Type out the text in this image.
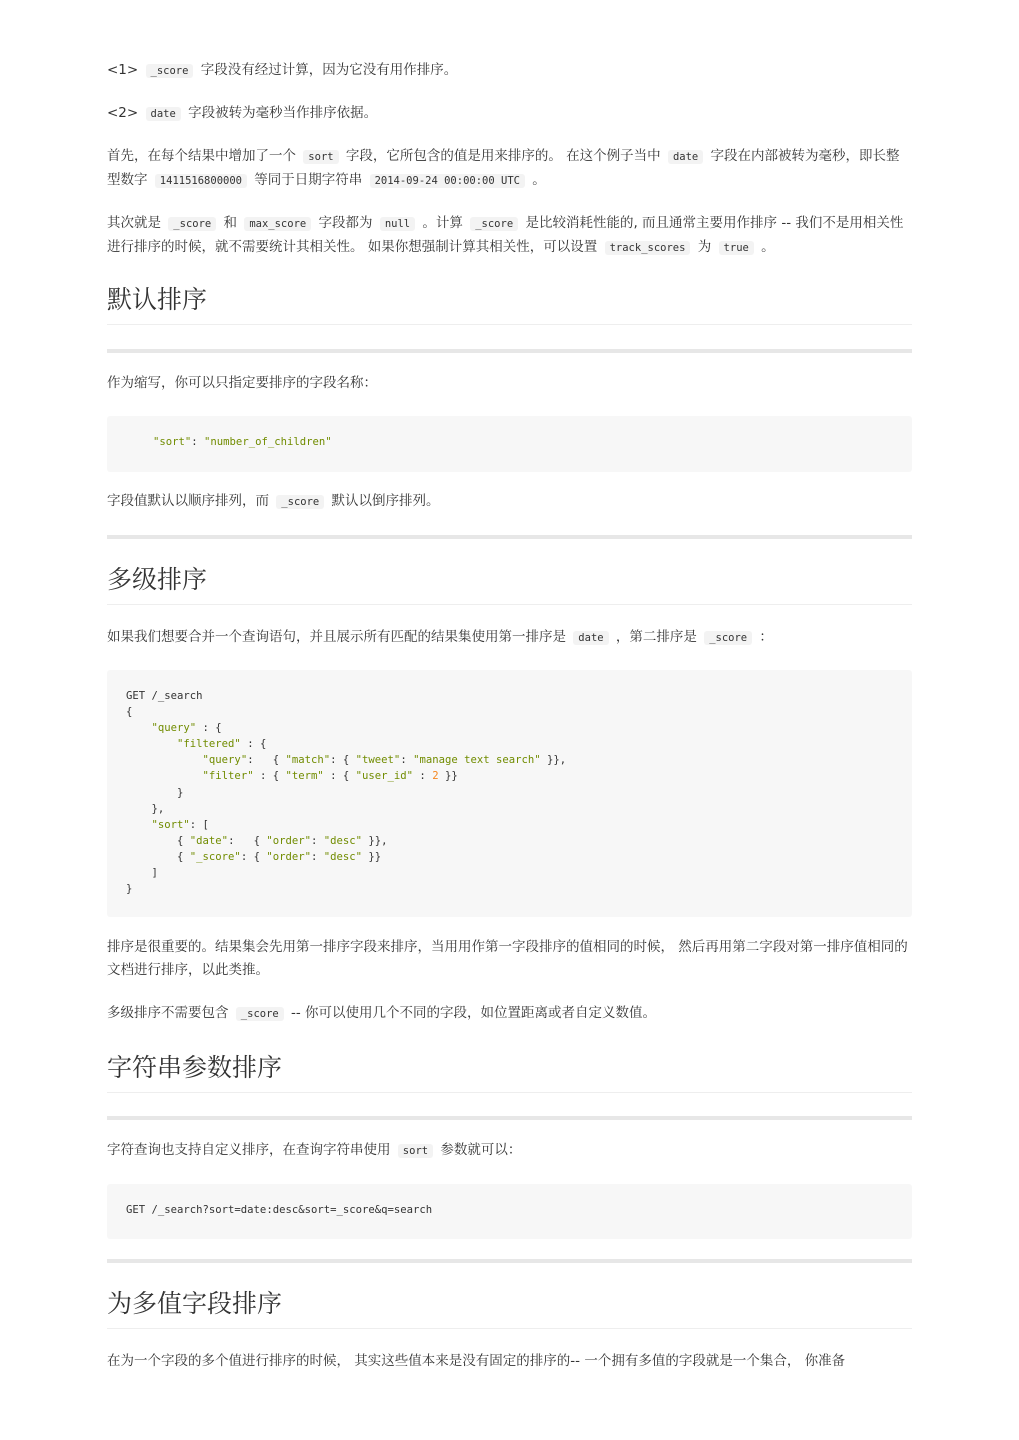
<1> _score 字段没有经过计算，因为它没有用作排序。

<2> date 字段被转为毫秒当作排序依据。

首先，在每个结果中增加了一个 sort 字段，它所包含的值是用来排序的。 在这个例子当中 date 字段在内部被转为毫秒，即长整型数字 1411516800000 等同于日期字符串 2014-09-24 00:00:00 UTC 。

其次就是 _score 和 max_score 字段都为 null 。计算 _score 是比较消耗性能的, 而且通常主要用作排序 -- 我们不是用相关性进行排序的时候，就不需要统计其相关性。 如果你想强制计算其相关性，可以设置 track_scores 为 true 。

默认排序

作为缩写，你可以只指定要排序的字段名称：

"sort": "number_of_children"

字段值默认以顺序排列，而 _score 默认以倒序排列。

多级排序

如果我们想要合并一个查询语句，并且展示所有匹配的结果集使用第一排序是 date ，第二排序是 _score ：

GET /_search
{
"query" : {
"filtered" : {
"query":   { "match": { "tweet": "manage text search" }},
"filter" : { "term" : { "user_id" : 2 }}
}
},
"sort": [
{ "date":   { "order": "desc" }},
{ "_score": { "order": "desc" }}
]
}

排序是很重要的。结果集会先用第一排序字段来排序，当用用作第一字段排序的值相同的时候， 然后再用第二字段对第一排序值相同的文档进行排序，以此类推。

多级排序不需要包含 _score -- 你可以使用几个不同的字段，如位置距离或者自定义数值。

字符串参数排序

字符查询也支持自定义排序，在查询字符串使用 sort 参数就可以：

GET /_search?sort=date:desc&sort=_score&q=search
为多值字段排序

在为一个字段的多个值进行排序的时候， 其实这些值本来是没有固定的排序的-- 一个拥有多值的字段就是一个集合， 你准备
